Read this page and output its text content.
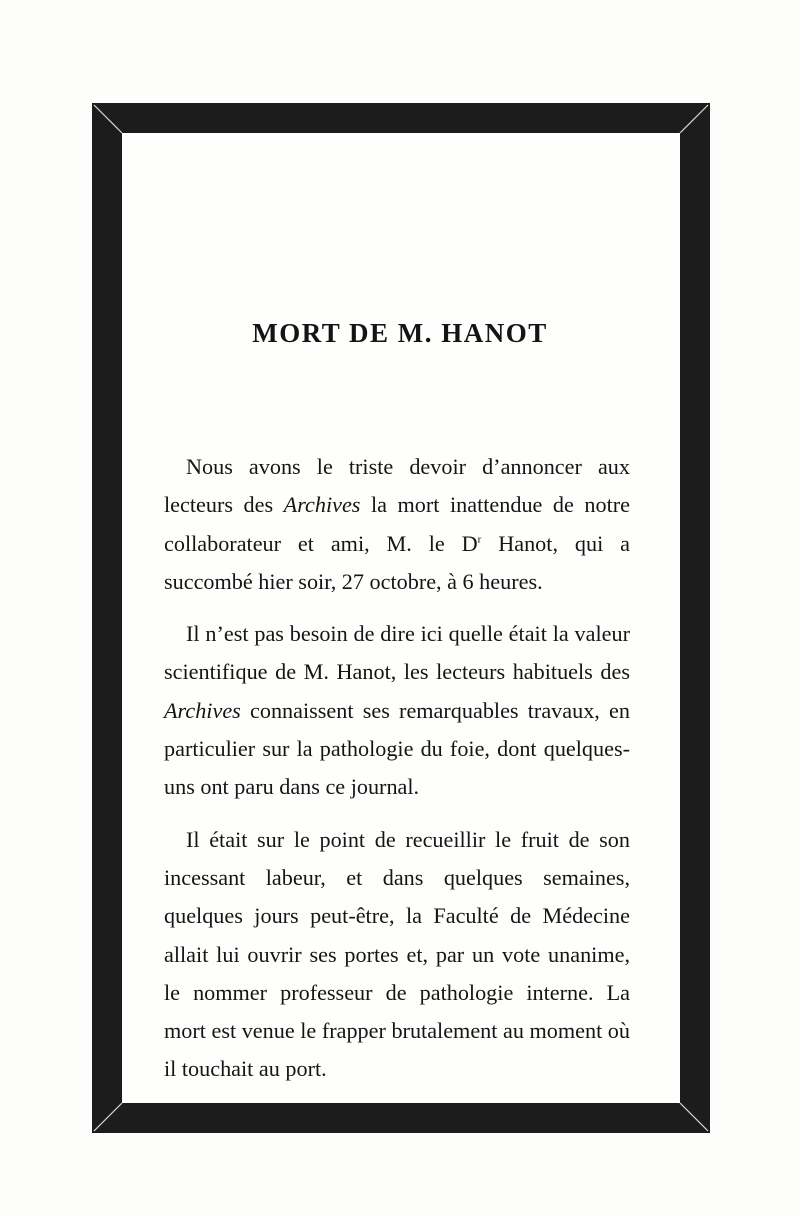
MORT DE M. HANOT

Nous avons le triste devoir d’annoncer aux lecteurs des Archives la mort inattendue de notre collaborateur et ami, M. le $D^r$ Hanot, qui a succombé hier soir, 27 octobre, à 6 heures.

Il n’est pas besoin de dire ici quelle était la valeur scientifique de M. Hanot, les lecteurs habituels des Archives connaissent ses remarquables travaux, en particulier sur la pathologie du foie, dont quelques-uns ont paru dans ce journal.

Il était sur le point de recueillir le fruit de son incessant labeur, et dans quelques semaines, quelques jours peut-être, la Faculté de Médecine allait lui ouvrir ses portes et, par un vote unanime, le nommer professeur de pathologie interne. La mort est venue le frapper brutalement au moment où il touchait au port.
